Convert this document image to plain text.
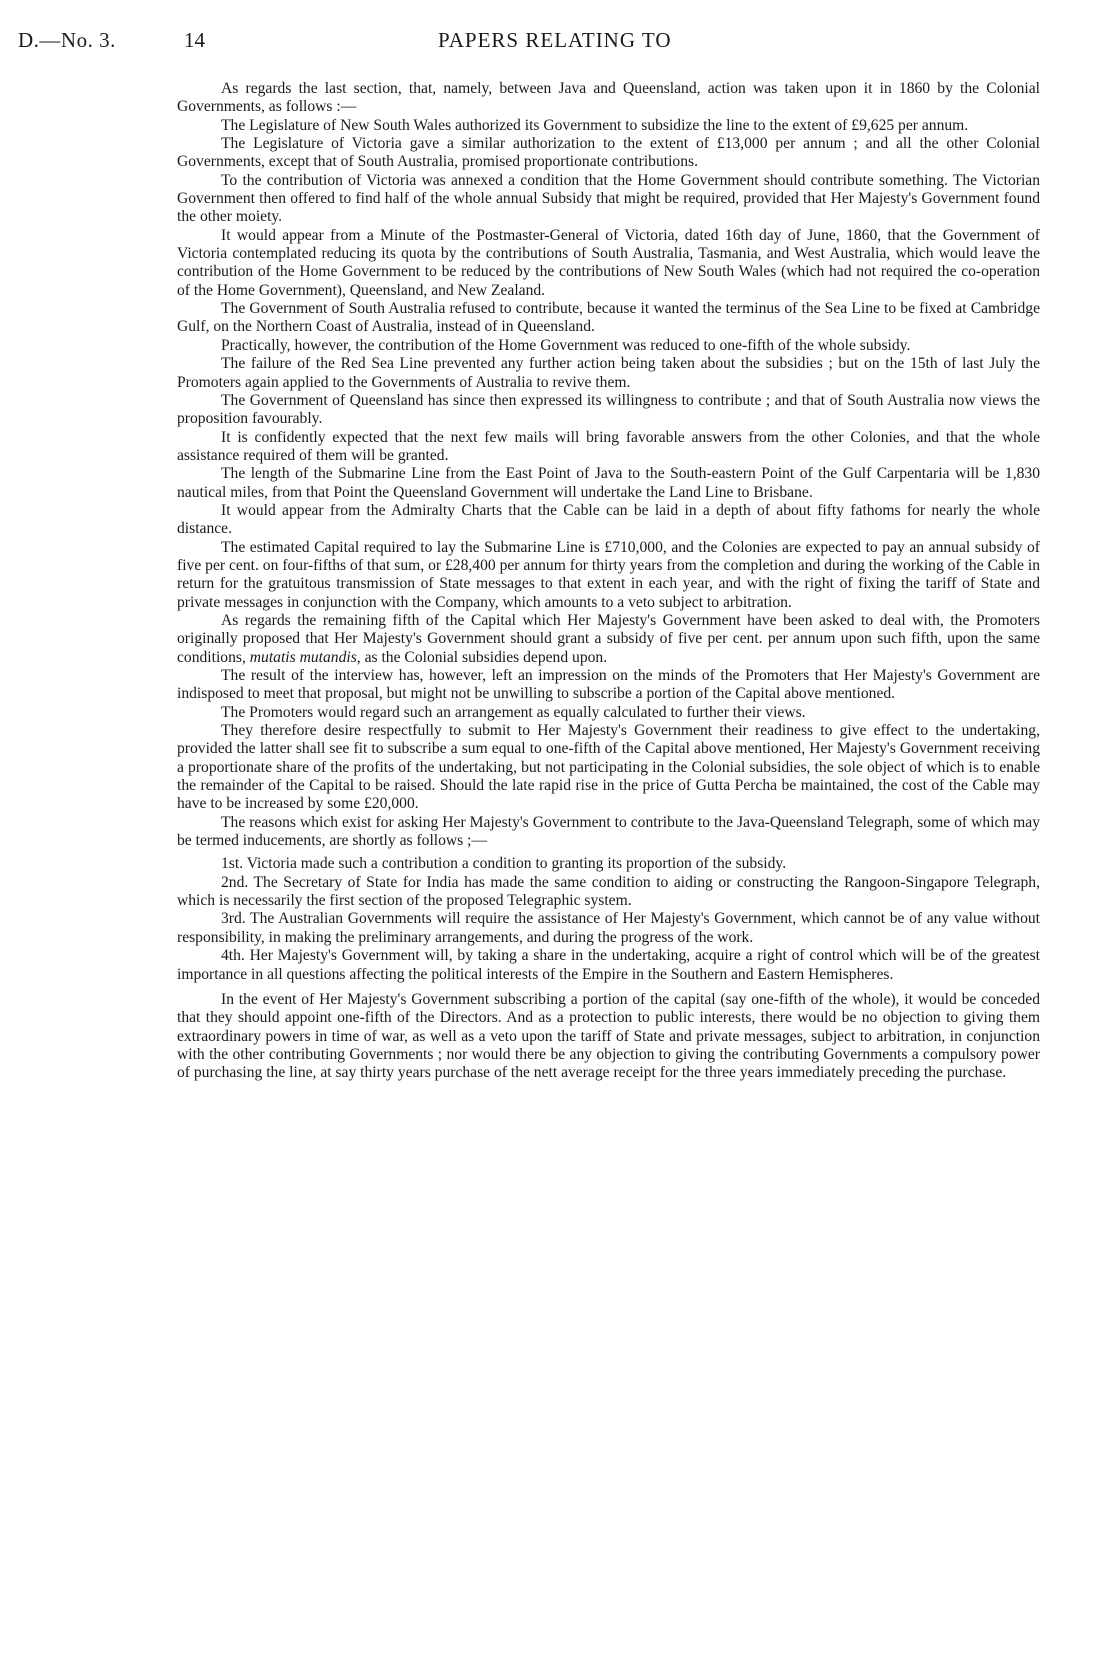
D.—No. 3.	14	PAPERS RELATING TO

As regards the last section, that, namely, between Java and Queensland, action was taken upon it in 1860 by the Colonial Governments, as follows :—

The Legislature of New South Wales authorized its Government to subsidize the line to the extent of £9,625 per annum.

The Legislature of Victoria gave a similar authorization to the extent of £13,000 per annum ; and all the other Colonial Governments, except that of South Australia, promised proportionate contributions.

To the contribution of Victoria was annexed a condition that the Home Government should contribute something. The Victorian Government then offered to find half of the whole annual Subsidy that might be required, provided that Her Majesty's Government found the other moiety.

It would appear from a Minute of the Postmaster-General of Victoria, dated 16th day of June, 1860, that the Government of Victoria contemplated reducing its quota by the contributions of South Australia, Tasmania, and West Australia, which would leave the contribution of the Home Government to be reduced by the contributions of New South Wales (which had not required the co-operation of the Home Government), Queensland, and New Zealand.

The Government of South Australia refused to contribute, because it wanted the terminus of the Sea Line to be fixed at Cambridge Gulf, on the Northern Coast of Australia, instead of in Queensland.

Practically, however, the contribution of the Home Government was reduced to one-fifth of the whole subsidy.

The failure of the Red Sea Line prevented any further action being taken about the subsidies ; but on the 15th of last July the Promoters again applied to the Governments of Australia to revive them.

The Government of Queensland has since then expressed its willingness to contribute ; and that of South Australia now views the proposition favourably.

It is confidently expected that the next few mails will bring favorable answers from the other Colonies, and that the whole assistance required of them will be granted.

The length of the Submarine Line from the East Point of Java to the South-eastern Point of the Gulf Carpentaria will be 1,830 nautical miles, from that Point the Queensland Government will undertake the Land Line to Brisbane.

It would appear from the Admiralty Charts that the Cable can be laid in a depth of about fifty fathoms for nearly the whole distance.

The estimated Capital required to lay the Submarine Line is £710,000, and the Colonies are expected to pay an annual subsidy of five per cent. on four-fifths of that sum, or £28,400 per annum for thirty years from the completion and during the working of the Cable in return for the gratuitous transmission of State messages to that extent in each year, and with the right of fixing the tariff of State and private messages in conjunction with the Company, which amounts to a veto subject to arbitration.

As regards the remaining fifth of the Capital which Her Majesty's Government have been asked to deal with, the Promoters originally proposed that Her Majesty's Government should grant a subsidy of five per cent. per annum upon such fifth, upon the same conditions, mutatis mutandis, as the Colonial subsidies depend upon.

The result of the interview has, however, left an impression on the minds of the Promoters that Her Majesty's Government are indisposed to meet that proposal, but might not be unwilling to subscribe a portion of the Capital above mentioned.

The Promoters would regard such an arrangement as equally calculated to further their views.

They therefore desire respectfully to submit to Her Majesty's Government their readiness to give effect to the undertaking, provided the latter shall see fit to subscribe a sum equal to one-fifth of the Capital above mentioned, Her Majesty's Government receiving a proportionate share of the profits of the undertaking, but not participating in the Colonial subsidies, the sole object of which is to enable the remainder of the Capital to be raised. Should the late rapid rise in the price of Gutta Percha be maintained, the cost of the Cable may have to be increased by some £20,000.

The reasons which exist for asking Her Majesty's Government to contribute to the Java-Queensland Telegraph, some of which may be termed inducements, are shortly as follows ;—

1st. Victoria made such a contribution a condition to granting its proportion of the subsidy.

2nd. The Secretary of State for India has made the same condition to aiding or constructing the Rangoon-Singapore Telegraph, which is necessarily the first section of the proposed Telegraphic system.

3rd. The Australian Governments will require the assistance of Her Majesty's Government, which cannot be of any value without responsibility, in making the preliminary arrangements, and during the progress of the work.

4th. Her Majesty's Government will, by taking a share in the undertaking, acquire a right of control which will be of the greatest importance in all questions affecting the political interests of the Empire in the Southern and Eastern Hemispheres.

In the event of Her Majesty's Government subscribing a portion of the capital (say one-fifth of the whole), it would be conceded that they should appoint one-fifth of the Directors. And as a protection to public interests, there would be no objection to giving them extraordinary powers in time of war, as well as a veto upon the tariff of State and private messages, subject to arbitration, in conjunction with the other contributing Governments ; nor would there be any objection to giving the contributing Governments a compulsory power of purchasing the line, at say thirty years purchase of the nett average receipt for the three years immediately preceding the purchase.
